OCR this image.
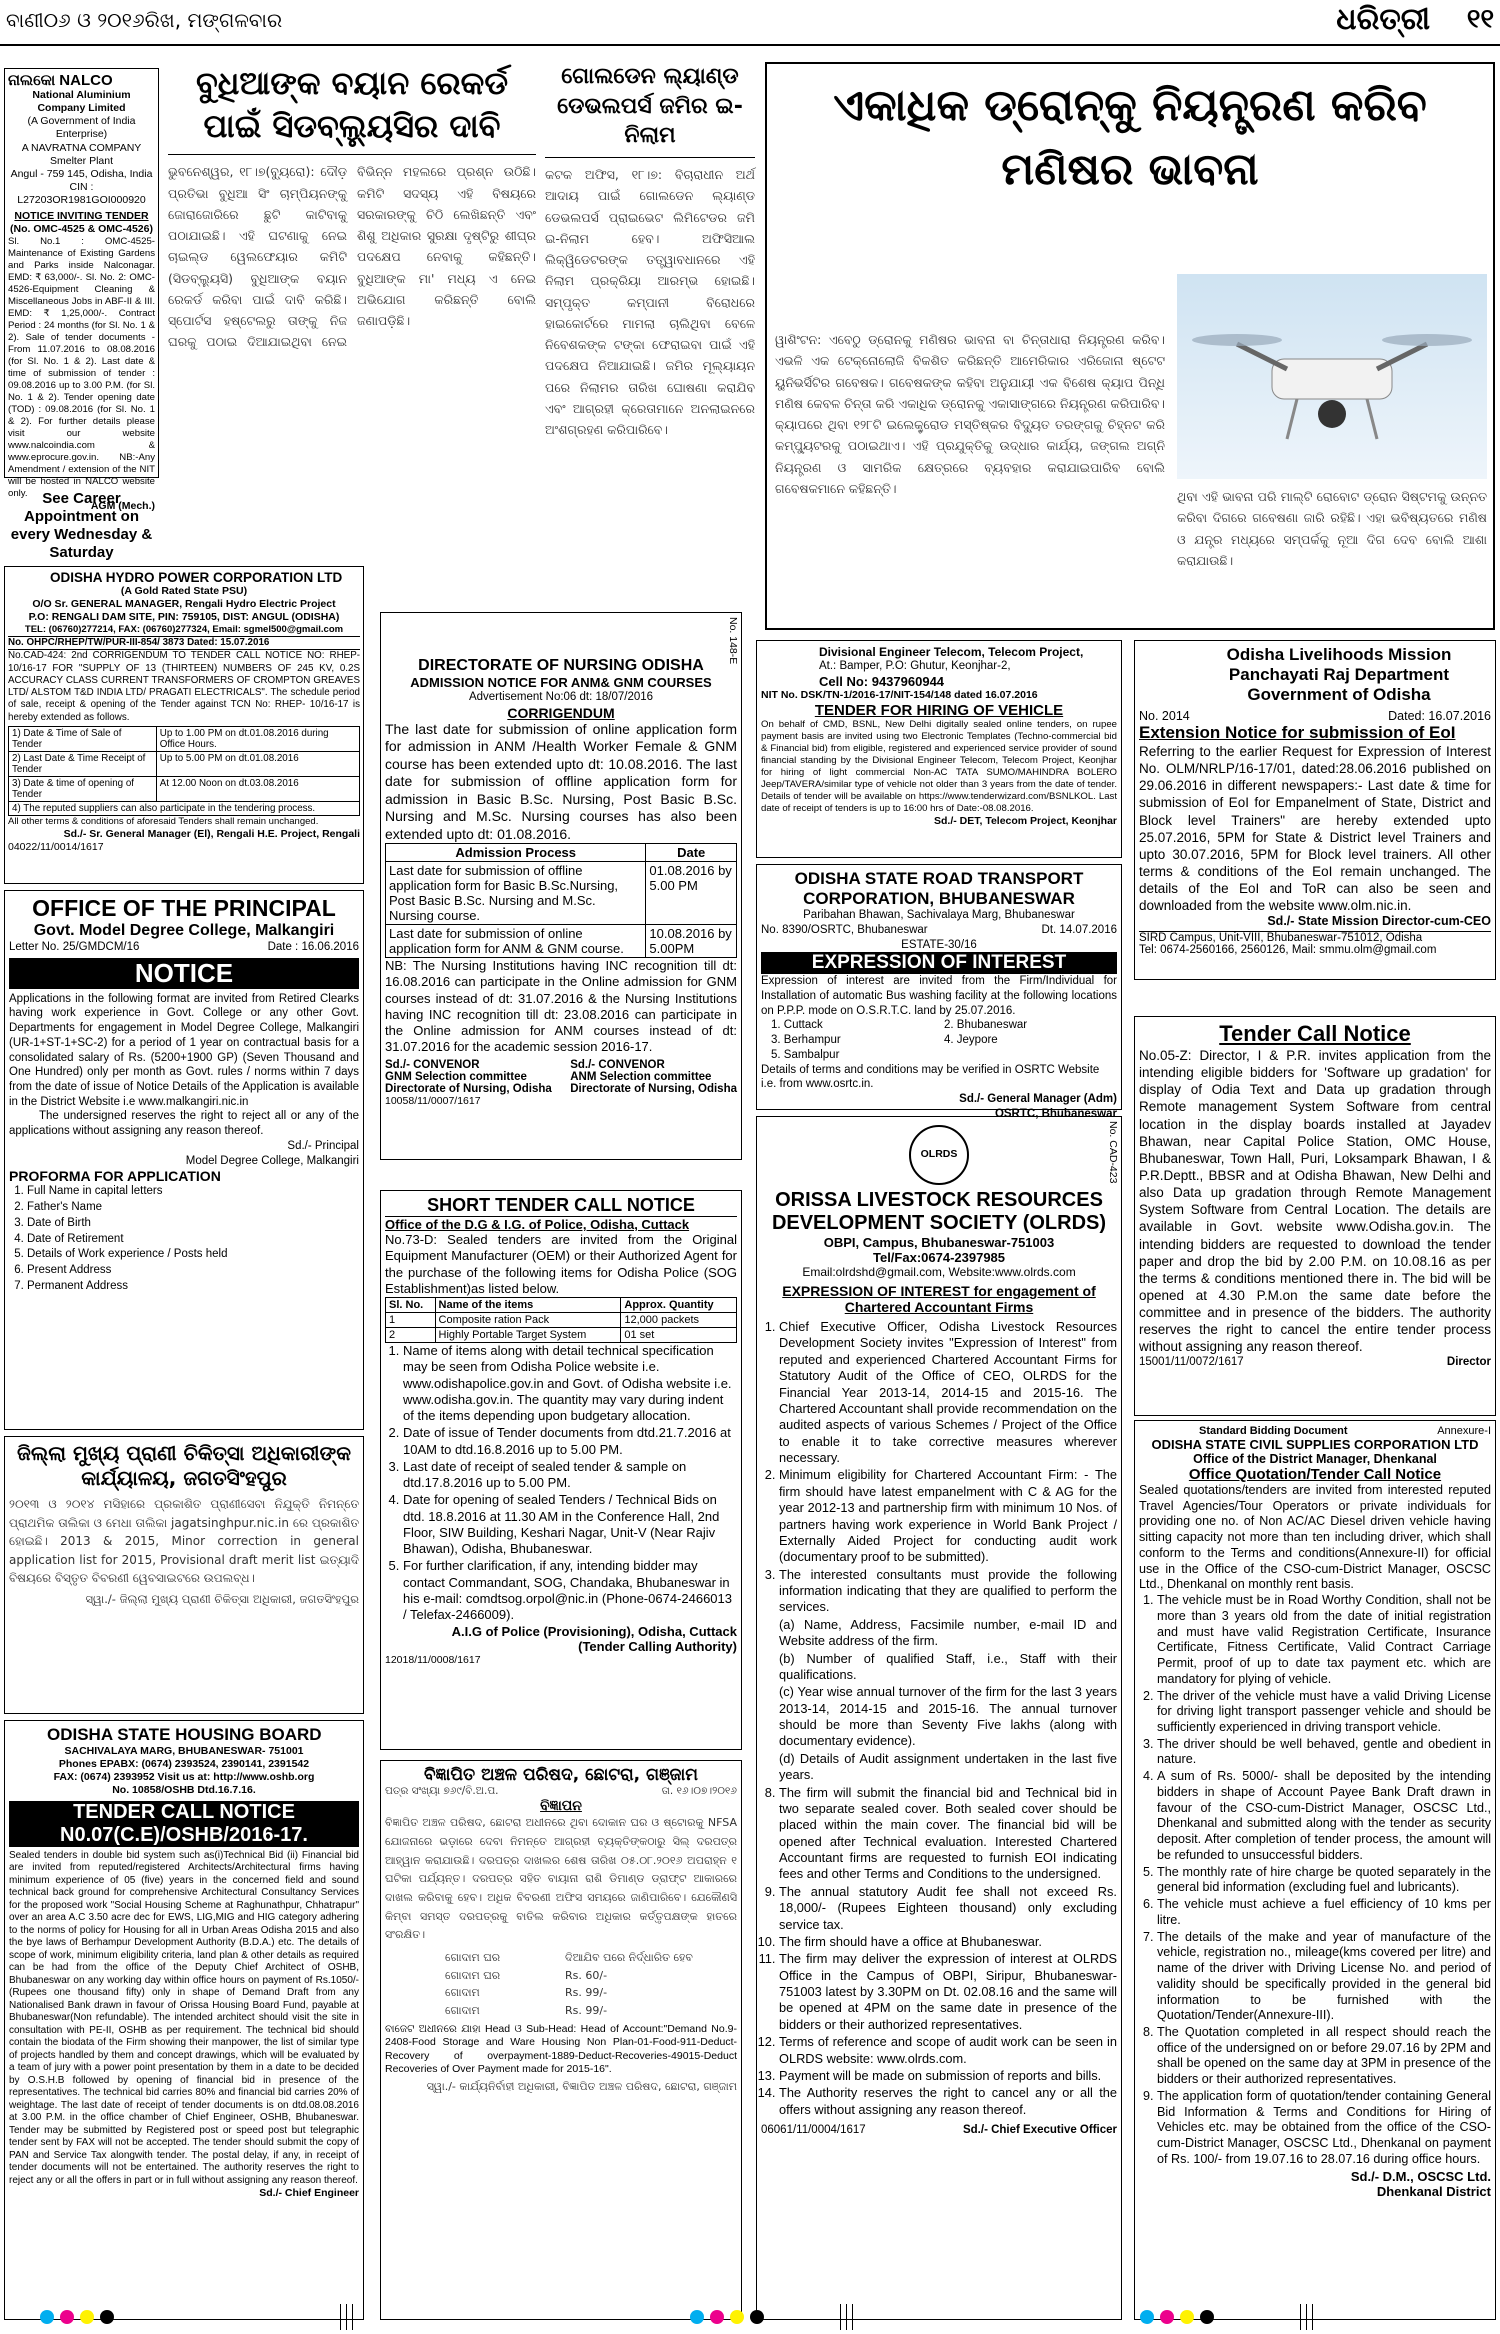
ବାଣୀ୦୬ ଓ ୨୦୧୬ରିଖ, ମଙ୍ଗଳବାର	ଧରିତ୍ରୀ ୧୧
ନାଲକୋ NALCO
National Aluminium Company Limited
(A Government of India Enterprise)
A NAVRATNA COMPANY
Smelter Plant
Angul - 759 145, Odisha, India
CIN : L27203OR1981GOI000920
NOTICE INVITING TENDER
(No. OMC-4525 & OMC-4526)
Sl. No.1 : OMC-4525-Maintenance of Existing Gardens and Parks inside Nalconagar. EMD: ₹ 63,000/-. Sl. No. 2: OMC-4526-Equipment Cleaning & Miscellaneous Jobs in ABF-II & III. EMD: ₹ 1,25,000/-. Contract Period : 24 months (for Sl. No. 1 & 2). Sale of tender documents - From 11.07.2016 to 08.08.2016 (for Sl. No. 1 & 2). Last date & time of submission of tender : 09.08.2016 up to 3.00 P.M. (for Sl. No. 1 & 2). Tender opening date (TOD) : 09.08.2016 (for Sl. No. 1 & 2). For further details please visit our website www.nalcoindia.com & www.eprocure.gov.in. NB:-Any Amendment / extension of the NIT will be hosted in NALCO website only.
AGM (Mech.)
See Career Appointment on every Wednesday & Saturday
ODISHA HYDRO POWER CORPORATION LTD
(A Gold Rated State PSU)
O/O Sr. GENERAL MANAGER, Rengali Hydro Electric Project
P.O: RENGALI DAM SITE, PIN: 759105, DIST: ANGUL (ODISHA)
TEL: (06760)277214, FAX: (06760)277324, Email: sgmel500@gmail.com
No. OHPC/RHEP/TW/PUR-III-854/ 3873 Dated: 15.07.2016
No.CAD-424: 2nd CORRIGENDUM TO TENDER CALL NOTICE NO: RHEP- 10/16-17 FOR "SUPPLY OF 13 (THIRTEEN) NUMBERS OF 245 KV, 0.2S ACCURACY CLASS CURRENT TRANSFORMERS OF CROMPTON GREAVES LTD/ ALSTOM T&D INDIA LTD/ PRAGATI ELECTRICALS". The schedule period of sale, receipt & opening of the Tender against TCN No: RHEP- 10/16-17 is hereby extended as follows.
1) Date & Time of Sale of Tender	Up to 1.00 PM on dt.01.08.2016 during Office Hours.
2) Last Date & Time Receipt of Tender	Up to 5.00 PM on dt.01.08.2016
3) Date & time of opening of Tender	At 12.00 Noon on dt.03.08.2016
4) The reputed suppliers can also participate in the tendering process.	
All other terms & conditions of aforesaid Tenders shall remain unchanged.
Sd./- Sr. General Manager (El), Rengali H.E. Project, Rengali
04022/11/0014/1617
OFFICE OF THE PRINCIPAL
Govt. Model Degree College, Malkangiri
Letter No. 25/GMDCM/16	Date : 16.06.2016
NOTICE
Applications in the following format are invited from Retired Clearks having work experience in Govt. College or any other Govt. Departments for engagement in Model Degree College, Malkangiri (UR-1+ST-1+SC-2) for a period of 1 year on contractual basis for a consolidated salary of Rs. (5200+1900 GP) (Seven Thousand and One Hundred) only per month as Govt. rules / norms within 7 days from the date of issue of Notice Details of the Application is available in the District Website i.e www.malkangiri.nic.in
The undersigned reserves the right to reject all or any of the applications without assigning any reason thereof.
Sd./- Principal
Model Degree College, Malkangiri
PROFORMA FOR APPLICATION
1. Full Name in capital letters
2. Father's Name
3. Date of Birth
4. Date of Retirement
5. Details of Work experience / Posts held
6. Present Address
7. Permanent Address
ଜିଲ୍ଲା ମୁଖ୍ୟ ପ୍ରାଣୀ ଚିକିତ୍ସା ଅଧିକାରୀଙ୍କ କାର୍ଯ୍ୟାଳୟ, ଜଗତସିଂହପୁର
୨୦୧୩ ଓ ୨୦୧୪ ମସିହାରେ ପ୍ରକାଶିତ ପ୍ରାଣୀସେବା ନିଯୁକ୍ତି ନିମନ୍ତେ ପ୍ରାଥମିକ ତାଲିକା ଓ ମେଧା ତାଲିକା jagatsinghpur.nic.in ରେ ପ୍ରକାଶିତ ହୋଇଛି। 2013 & 2015, Minor correction in general application list for 2015, Provisional draft merit list ଇତ୍ୟାଦି ବିଷୟରେ ବିସ୍ତୃତ ବିବରଣୀ ୱେବସାଇଟରେ ଉପଲବ୍ଧ।
ସ୍ୱା./- ଜିଲ୍ଲା ମୁଖ୍ୟ ପ୍ରାଣୀ ଚିକିତ୍ସା ଅଧିକାରୀ, ଜଗତସିଂହପୁର
ODISHA STATE HOUSING BOARD
SACHIVALAYA MARG, BHUBANESWAR- 751001
Phones EPABX: (0674) 2393524, 2390141, 2391542
FAX: (0674) 2393952 Visit us at: http://www.oshb.org
No. 10858/OSHB Dtd.16.7.16.
TENDER CALL NOTICE
N0.07(C.E)/OSHB/2016-17.
Sealed tenders in double bid system such as(i)Technical Bid (ii) Financial bid are invited from reputed/registered Architects/Architectural firms having minimum experience of 05 (five) years in the concerned field and sound technical back ground for comprehensive Architectural Consultancy Services for the proposed work "Social Housing Scheme at Raghunathpur, Chhatrapur" over an area A.C 3.50 acre dec for EWS, LIG,MIG and HIG category adhering to the norms of policy for Housing for all in Urban Areas Odisha 2015 and also the bye laws of Berhampur Development Authority (B.D.A.) etc. The details of scope of work, minimum eligibility criteria, land plan & other details as required can be had from the office of the Deputy Chief Architect of OSHB, Bhubaneswar on any working day within office hours on payment of Rs.1050/- (Rupees one thousand fifty) only in shape of Demand Draft from any Nationalised Bank drawn in favour of Orissa Housing Board Fund, payable at Bhubaneswar(Non refundable). The intended architect should visit the site in consultation with PE-II, OSHB as per requirement. The technical bid should contain the biodata of the Firm showing their manpower, the list of similar type of projects handled by them and concept drawings, which will be evaluated by a team of jury with a power point presentation by them in a date to be decided by O.S.H.B followed by opening of financial bid in presence of the representatives. The technical bid carries 80% and financial bid carries 20% of weightage. The last date of receipt of tender documents is on dtd.08.08.2016 at 3.00 P.M. in the office chamber of Chief Engineer, OSHB, Bhubaneswar. Tender may be submitted by Registered post or speed post but telegraphic tender sent by FAX will not be accepted. The tender should submit the copy of PAN and Service Tax alongwith tender. The postal delay, if any, in receipt of tender documents will not be entertained. The authority reserves the right to reject any or all the offers in part or in full without assigning any reason thereof.
Sd./- Chief Engineer
ବୁଧିଆଙ୍କ ବୟାନ ରେକର୍ଡ ପାଇଁ ସିଡବ୍ଲ୍ୟୁସିର ଦାବି
ଭୁବନେଶ୍ୱର, ୧୮।୭(ବ୍ୟୁରୋ): ଦୌଡ଼ ପ୍ରତିଭା ବୁଧିଆ ସିଂ ଚାମ୍ପିୟନଙ୍କୁ ଜୋରାଜୋରିରେ ଛୁଟି କାଟିବାକୁ ପଠାଯାଇଛି। ଏହି ଘଟଣାକୁ ନେଇ ଚାଇଲ୍ଡ ୱେଲଫେୟାର କମିଟି (ସିଡବ୍ଲ୍ୟୁସି) ବୁଧିଆଙ୍କ ବୟାନ ରେକର୍ଡ କରିବା ପାଇଁ ଦାବି କରିଛି। ସ୍ପୋର୍ଟସ ହଷ୍ଟେଲରୁ ତାଙ୍କୁ ନିଜ ଘରକୁ ପଠାଇ ଦିଆଯାଇଥିବା ନେଇ ବିଭିନ୍ନ ମହଲରେ ପ୍ରଶ୍ନ ଉଠିଛି। କମିଟି ସଦସ୍ୟ ଏହି ବିଷୟରେ ସରକାରଙ୍କୁ ଚିଠି ଲେଖିଛନ୍ତି ଏବଂ ଶିଶୁ ଅଧିକାର ସୁରକ୍ଷା ଦୃଷ୍ଟିରୁ ଶୀଘ୍ର ପଦକ୍ଷେପ ନେବାକୁ କହିଛନ୍ତି। ବୁଧିଆଙ୍କ ମା' ମଧ୍ୟ ଏ ନେଇ ଅଭିଯୋଗ କରିଛନ୍ତି ବୋଲି ଜଣାପଡ଼ିଛି।
ଗୋଲଡେନ ଲ୍ୟାଣ୍ଡ ଡେଭଲପର୍ସ ଜମିର ଇ-ନିଲାମ
କଟକ ଅଫିସ, ୧୮।୭: ବିଚାରାଧୀନ ଅର୍ଥ ଆଦାୟ ପାଇଁ ଗୋଲଡେନ ଲ୍ୟାଣ୍ଡ ଡେଭଲପର୍ସ ପ୍ରାଇଭେଟ ଲିମିଟେଡର ଜମି ଇ-ନିଲାମ ହେବ। ଅଫିସିଆଲ ଲିକ୍ୱିଡେଟରଙ୍କ ତତ୍ତ୍ୱାବଧାନରେ ଏହି ନିଲାମ ପ୍ରକ୍ରିୟା ଆରମ୍ଭ ହୋଇଛି। ସମ୍ପୃକ୍ତ କମ୍ପାନୀ ବିରୋଧରେ ହାଇକୋର୍ଟରେ ମାମଲା ଚାଲିଥିବା ବେଳେ ନିବେଶକଙ୍କ ଟଙ୍କା ଫେରାଇବା ପାଇଁ ଏହି ପଦକ୍ଷେପ ନିଆଯାଇଛି। ଜମିର ମୂଲ୍ୟାୟନ ପରେ ନିଲାମର ତାରିଖ ଘୋଷଣା କରାଯିବ ଏବଂ ଆଗ୍ରହୀ କ୍ରେତାମାନେ ଅନଲାଇନରେ ଅଂଶଗ୍ରହଣ କରିପାରିବେ।
ଏକାଧିକ ଡ୍ରୋନ୍‌କୁ ନିୟନ୍ତ୍ରଣ କରିବ ମଣିଷର ଭାବନା
ୱାଶିଂଟନ: ଏବେଠୁ ଡ୍ରୋନକୁ ମଣିଷର ଭାବନା ବା ଚିନ୍ତାଧାରା ନିୟନ୍ତ୍ରଣ କରିବ। ଏଭଳି ଏକ ଟେକ୍ନୋଲୋଜି ବିକଶିତ କରିଛନ୍ତି ଆମେରିକାର ଏରିଜୋନା ଷ୍ଟେଟ ୟୁନିଭର୍ସିଟିର ଗବେଷକ। ଗବେଷକଙ୍କ କହିବା ଅନୁଯାୟୀ ଏକ ବିଶେଷ କ୍ୟାପ ପିନ୍ଧି ମଣିଷ କେବଳ ଚିନ୍ତା କରି ଏକାଧିକ ଡ୍ରୋନକୁ ଏକାସାଙ୍ଗରେ ନିୟନ୍ତ୍ରଣ କରିପାରିବ। କ୍ୟାପରେ ଥିବା ୧୨୮ଟି ଇଲେକ୍ଟ୍ରୋଡ ମସ୍ତିଷ୍କର ବିଦ୍ୟୁତ ତରଙ୍ଗକୁ ଚିହ୍ନଟ କରି କମ୍ପ୍ୟୁଟରକୁ ପଠାଇଥାଏ। ଏହି ପ୍ରଯୁକ୍ତିକୁ ଉଦ୍ଧାର କାର୍ଯ୍ୟ, ଜଙ୍ଗଲ ଅଗ୍ନି ନିୟନ୍ତ୍ରଣ ଓ ସାମରିକ କ୍ଷେତ୍ରରେ ବ୍ୟବହାର କରାଯାଇପାରିବ ବୋଲି ଗବେଷକମାନେ କହିଛନ୍ତି।
ଥିବା ଏହି ଭାବନା ପରି ମାଲ୍ଟି ରୋବୋଟ ଡ୍ରୋନ ସିଷ୍ଟମକୁ ଉନ୍ନତ କରିବା ଦିଗରେ ଗବେଷଣା ଜାରି ରହିଛି। ଏହା ଭବିଷ୍ୟତରେ ମଣିଷ ଓ ଯନ୍ତ୍ର ମଧ୍ୟରେ ସମ୍ପର୍କକୁ ନୂଆ ଦିଗ ଦେବ ବୋଲି ଆଶା କରାଯାଉଛି।
No. 148-E
DIRECTORATE OF NURSING ODISHA
ADMISSION NOTICE FOR ANM& GNM COURSES
Advertisement No:06 dt: 18/07/2016
CORRIGENDUM
The last date for submission of online application form for admission in ANM /Health Worker Female & GNM course has been extended upto dt: 10.08.2016. The last date for submission of offline application form for admission in Basic B.Sc. Nursing, Post Basic B.Sc. Nursing and M.Sc. Nursing courses has also been extended upto dt: 01.08.2016.
Admission Process	Date
Last date for submission of offline application form for Basic B.Sc.Nursing, Post Basic B.Sc. Nursing and M.Sc. Nursing course.	01.08.2016 by 5.00 PM
Last date for submission of online application form for ANM & GNM course.	10.08.2016 by 5.00PM
NB: The Nursing Institutions having INC recognition till dt: 16.08.2016 can participate in the Online admission for GNM courses instead of dt: 31.07.2016 & the Nursing Institutions having INC recognition till dt: 23.08.2016 can participate in the Online admission for ANM courses instead of dt: 31.07.2016 for the academic session 2016-17.
Sd./- CONVENOR
GNM Selection committee
Directorate of Nursing, Odisha
Sd./- CONVENOR
ANM Selection committee
Directorate of Nursing, Odisha
10058/11/0007/1617
SHORT TENDER CALL NOTICE
Office of the D.G & I.G. of Police, Odisha, Cuttack
No.73-D: Sealed tenders are invited from the Original Equipment Manufacturer (OEM) or their Authorized Agent for the purchase of the following items for Odisha Police (SOG Establishment)as listed below.
Sl. No.	Name of the items	Approx. Quantity
1	Composite ration Pack	12,000 packets
2	Highly Portable Target System	01 set
1. Name of items along with detail technical specification may be seen from Odisha Police website i.e. www.odishapolice.gov.in and Govt. of Odisha website i.e. www.odisha.gov.in. The quantity may vary during indent of the items depending upon budgetary allocation.
2. Date of issue of Tender documents from dtd.21.7.2016 at 10AM to dtd.16.8.2016 up to 5.00 PM.
3. Last date of receipt of sealed tender & sample on dtd.17.8.2016 up to 5.00 PM.
4. Date for opening of sealed Tenders / Technical Bids on dtd. 18.8.2016 at 11.30 AM in the Conference Hall, 2nd Floor, SIW Building, Keshari Nagar, Unit-V (Near Rajiv Bhawan), Odisha, Bhubaneswar.
5. For further clarification, if any, intending bidder may contact Commandant, SOG, Chandaka, Bhubaneswar in his e-mail: comdtsog.orpol@nic.in (Phone-0674-2466013 / Telefax-2466009).
A.I.G of Police (Provisioning), Odisha, Cuttack
(Tender Calling Authority)
12018/11/0008/1617
ବିଜ୍ଞାପିତ ଅଞ୍ଚଳ ପରିଷଦ, ଛୋଟରା, ଗଞ୍ଜାମ
ପତ୍ର ସଂଖ୍ୟା ୭୬୯/ବି.ଅ.ପ.	ତା. ୧୬।୦୭।୨୦୧୬
ବିଜ୍ଞାପନ
ବିଜ୍ଞାପିତ ଅଞ୍ଚଳ ପରିଷଦ, ଛୋଟରା ଅଧୀନରେ ଥିବା ଦୋକାନ ଘର ଓ ଷ୍ଟୋରକୁ NFSA ଯୋଜନାରେ ଭଡ଼ାରେ ଦେବା ନିମନ୍ତେ ଆଗ୍ରହୀ ବ୍ୟକ୍ତିଙ୍କଠାରୁ ସିଲ୍ ଦରପତ୍ର ଆହ୍ୱାନ କରାଯାଉଛି। ଦରପତ୍ର ଦାଖଲର ଶେଷ ତାରିଖ ୦୫.୦୮.୨୦୧୬ ଅପରାହ୍ନ ୧ ଘଟିକା ପର୍ଯ୍ୟନ୍ତ। ଦରପତ୍ର ସହିତ ବାୟାନା ରାଶି ଡିମାଣ୍ଡ ଡ୍ରାଫ୍ଟ ଆକାରରେ ଦାଖଲ କରିବାକୁ ହେବ। ଅଧିକ ବିବରଣୀ ଅଫିସ ସମୟରେ ଜାଣିପାରିବେ। ଯେକୌଣସି କିମ୍ବା ସମସ୍ତ ଦରପତ୍ରକୁ ବାତିଲ କରିବାର ଅଧିକାର କର୍ତ୍ତୃପକ୍ଷଙ୍କ ହାତରେ ସଂରକ୍ଷିତ।
ଗୋଦାମ ଘର	ଦିଆଯିବ ପରେ ନିର୍ଦ୍ଧାରିତ ହେବ
ଗୋଦାମ ଘର	Rs. 60/-
ଗୋଦାମ	Rs. 99/-
ଗୋଦାମ	Rs. 99/-
ବାଜେଟ ଅଧୀନରେ ଯାହା Head ଓ Sub-Head: Head of Account:"Demand No.9-2408-Food Storage and Ware Housing Non Plan-01-Food-911-Deduct-Recovery of overpayment-1889-Deduct-Recoveries-49015-Deduct Recoveries of Over Payment made for 2015-16".
ସ୍ୱା./- କାର୍ଯ୍ୟନିର୍ବାହୀ ଅଧିକାରୀ, ବିଜ୍ଞାପିତ ଅଞ୍ଚଳ ପରିଷଦ, ଛୋଟରା, ଗଞ୍ଜାମ
Divisional Engineer Telecom, Telecom Project,
At.: Bamper, P.O: Ghutur, Keonjhar-2,
Cell No: 9437960944
NIT No. DSK/TN-1/2016-17/NIT-154/148 dated 16.07.2016
TENDER FOR HIRING OF VEHICLE
On behalf of CMD, BSNL, New Delhi digitally sealed online tenders, on rupee payment basis are invited using two Electronic Templates (Techno-commercial bid & Financial bid) from eligible, registered and experienced service provider of sound financial standing by the Divisional Engineer Telecom, Telecom Project, Keonjhar for hiring of light commercial Non-AC TATA SUMO/MAHINDRA BOLERO Jeep/TAVERA/similar type of vehicle not older than 3 years from the date of tender. Details of tender will be available on https://www.tenderwizard.com/BSNLKOL. Last date of receipt of tenders is up to 16:00 hrs of Date:-08.08.2016.
Sd./- DET, Telecom Project, Keonjhar
ODISHA STATE ROAD TRANSPORT CORPORATION, BHUBANESWAR
Paribahan Bhawan, Sachivalaya Marg, Bhubaneswar
No. 8390/OSRTC, Bhubaneswar	Dt. 14.07.2016
ESTATE-30/16
EXPRESSION OF INTEREST
Expression of interest are invited from the Firm/Individual for Installation of automatic Bus washing facility at the following locations on P.P.P. mode on O.S.R.T.C. land by 25.07.2016.
1. Cuttack	2. Bhubaneswar
3. Berhampur	4. Jeypore
5. Sambalpur
Details of terms and conditions may be verified in OSRTC Website i.e. from www.osrtc.in.
Sd./- General Manager (Adm)
OSRTC, Bhubaneswar
No. CAD-423
OLRDS
ORISSA LIVESTOCK RESOURCES DEVELOPMENT SOCIETY (OLRDS)
OBPI, Campus, Bhubaneswar-751003
Tel/Fax:0674-2397985
Email:olrdshd@gmail.com, Website:www.olrds.com
EXPRESSION OF INTEREST for engagement of Chartered Accountant Firms
1. Chief Executive Officer, Odisha Livestock Resources Development Society invites "Expression of Interest" from reputed and experienced Chartered Accountant Firms for Statutory Audit of the Office of CEO, OLRDS for the Financial Year 2013-14, 2014-15 and 2015-16. The Chartered Accountant shall provide recommendation on the audited aspects of various Schemes / Project of the Office to enable it to take corrective measures wherever necessary.
2. Minimum eligibility for Chartered Accountant Firm: - The firm should have latest empanelment with C & AG for the year 2012-13 and partnership firm with minimum 10 Nos. of partners having work experience in World Bank Project / Externally Aided Project for conducting audit work (documentary proof to be submitted).
3. The interested consultants must provide the following information indicating that they are qualified to perform the services.
(a) Name, Address, Facsimile number, e-mail ID and Website address of the firm.
(b) Number of qualified Staff, i.e., Staff with their qualifications.
(c) Year wise annual turnover of the firm for the last 3 years 2013-14, 2014-15 and 2015-16. The annual turnover should be more than Seventy Five lakhs (along with documentary evidence).
(d) Details of Audit assignment undertaken in the last five years.
8. The firm will submit the financial bid and Technical bid in two separate sealed cover. Both sealed cover should be placed within the main cover. The financial bid will be opened after Technical evaluation. Interested Chartered Accountant firms are requested to furnish EOI indicating fees and other Terms and Conditions to the undersigned.
9. The annual statutory Audit fee shall not exceed Rs. 18,000/- (Rupees Eighteen thousand) only excluding service tax.
10. The firm should have a office at Bhubaneswar.
11. The firm may deliver the expression of interest at OLRDS Office in the Campus of OBPI, Siripur, Bhubaneswar-751003 latest by 3.30PM on Dt. 02.08.16 and the same will be opened at 4PM on the same date in presence of the bidders or their authorized representatives.
12. Terms of reference and scope of audit work can be seen in OLRDS website: www.olrds.com.
13. Payment will be made on submission of reports and bills.
14. The Authority reserves the right to cancel any or all the offers without assigning any reason thereof.
06061/11/0004/1617	Sd./- Chief Executive Officer
Odisha Livelihoods Mission
Panchayati Raj Department
Government of Odisha
No. 2014	Dated: 16.07.2016
Extension Notice for submission of EoI
Referring to the earlier Request for Expression of Interest No. OLM/NRLP/16-17/01, dated:28.06.2016 published on 29.06.2016 in different newspapers:- Last date & time for submission of EoI for Empanelment of State, District and Block level Trainers" are hereby extended upto 25.07.2016, 5PM for State & District level Trainers and upto 30.07.2016, 5PM for Block level trainers. All other terms & conditions of the EoI remain unchanged. The details of the EoI and ToR can also be seen and downloaded from the website www.olm.nic.in.
Sd./- State Mission Director-cum-CEO
SIRD Campus, Unit-VIII, Bhubaneswar-751012, Odisha
Tel: 0674-2560166, 2560126, Mail: smmu.olm@gmail.com
Tender Call Notice
No.05-Z: Director, I & P.R. invites application from the intending eligible bidders for 'Software up gradation' for display of Odia Text and Data up gradation through Remote management System Software from central location in the display boards installed at Jayadev Bhawan, near Capital Police Station, OMC House, Bhubaneswar, Town Hall, Puri, Loksampark Bhawan, I & P.R.Deptt., BBSR and at Odisha Bhawan, New Delhi and also Data up gradation through Remote Management System Software from Central Location. The details are available in Govt. website www.Odisha.gov.in. The intending bidders are requested to download the tender paper and drop the bid by 2.00 P.M. on 10.08.16 as per the terms & conditions mentioned there in. The bid will be opened at 4.30 P.M.on the same date before the committee and in presence of the bidders. The authority reserves the right to cancel the entire tender process without assigning any reason thereof.
15001/11/0072/1617	Director
Standard Bidding Document	Annexure-I
ODISHA STATE CIVIL SUPPLIES CORPORATION LTD
Office of the District Manager, Dhenkanal
Office Quotation/Tender Call Notice
Sealed quotations/tenders are invited from interested reputed Travel Agencies/Tour Operators or private individuals for providing one no. of Non AC/AC Diesel driven vehicle having sitting capacity not more than ten including driver, which shall conform to the Terms and conditions(Annexure-II) for official use in the Office of the CSO-cum-District Manager, OSCSC Ltd., Dhenkanal on monthly rent basis.
1. The vehicle must be in Road Worthy Condition, shall not be more than 3 years old from the date of initial registration and must have valid Registration Certificate, Insurance Certificate, Fitness Certificate, Valid Contract Carriage Permit, proof of up to date tax payment etc. which are mandatory for plying of vehicle.
2. The driver of the vehicle must have a valid Driving License for driving light transport passenger vehicle and should be sufficiently experienced in driving transport vehicle.
3. The driver should be well behaved, gentle and obedient in nature.
4. A sum of Rs. 5000/- shall be deposited by the intending bidders in shape of Account Payee Bank Draft drawn in favour of the CSO-cum-District Manager, OSCSC Ltd., Dhenkanal and submitted along with the tender as security deposit. After completion of tender process, the amount will be refunded to unsuccessful bidders.
5. The monthly rate of hire charge be quoted separately in the general bid information (excluding fuel and lubricants).
6. The vehicle must achieve a fuel efficiency of 10 kms per litre.
7. The details of the make and year of manufacture of the vehicle, registration no., mileage(kms covered per litre) and name of the driver with Driving License No. and period of validity should be specifically provided in the general bid information to be furnished with the Quotation/Tender(Annexure-III).
8. The Quotation completed in all respect should reach the office of the undersigned on or before 29.07.16 by 2PM and shall be opened on the same day at 3PM in presence of the bidders or their authorized representatives.
9. The application form of quotation/tender containing General Bid Information & Terms and Conditions for Hiring of Vehicles etc. may be obtained from the office of the CSO-cum-District Manager, OSCSC Ltd., Dhenkanal on payment of Rs. 100/- from 19.07.16 to 28.07.16 during office hours.
Sd./- D.M., OSCSC Ltd.
Dhenkanal District
